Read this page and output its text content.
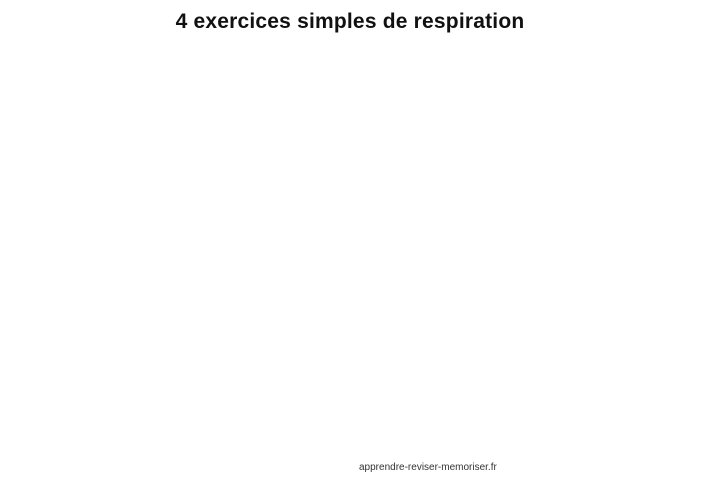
4 exercices simples de respiration
apprendre-reviser-memoriser.fr
